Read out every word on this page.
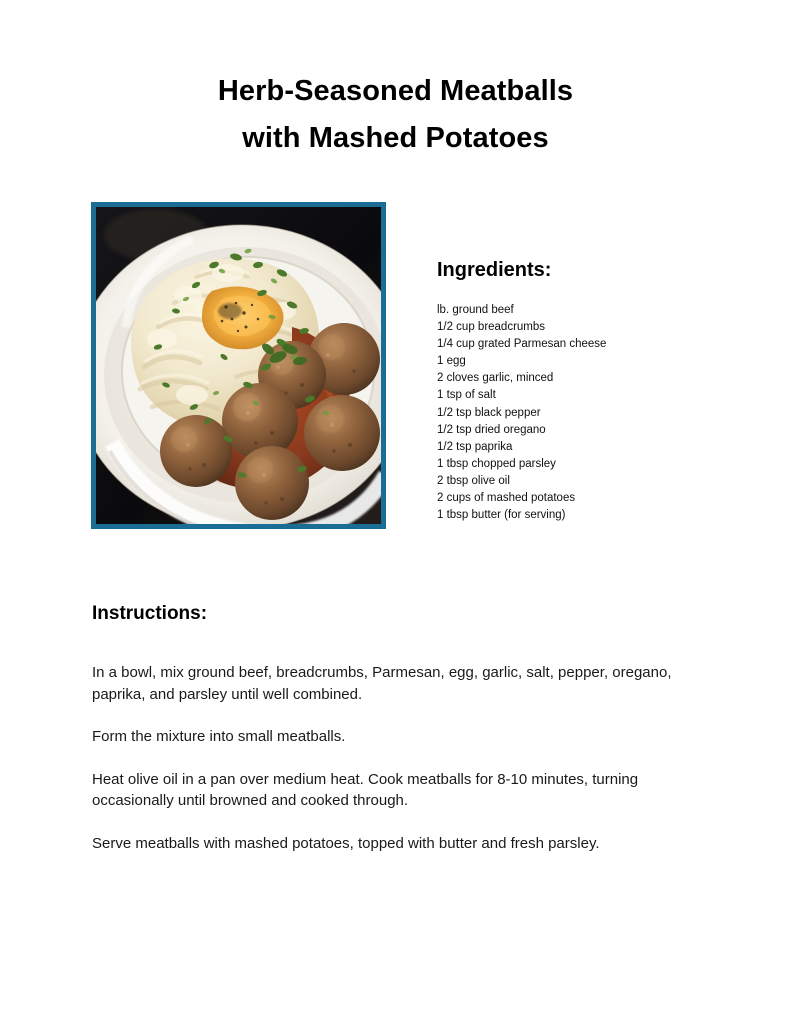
Herb-Seasoned Meatballs
with Mashed Potatoes
Ingredients:
lb. ground beef
1/2 cup breadcrumbs
1/4 cup grated Parmesan cheese
1 egg
2 cloves garlic, minced
1 tsp of salt
1/2 tsp black pepper
1/2 tsp dried oregano
1/2 tsp paprika
1 tbsp chopped parsley
2 tbsp olive oil
2 cups of mashed potatoes
1 tbsp butter (for serving)
Instructions:

In a bowl, mix ground beef, breadcrumbs, Parmesan, egg, garlic, salt, pepper, oregano, paprika, and parsley until well combined.

Form the mixture into small meatballs.

Heat olive oil in a pan over medium heat. Cook meatballs for 8-10 minutes, turning occasionally until browned and cooked through.

Serve meatballs with mashed potatoes, topped with butter and fresh parsley.
